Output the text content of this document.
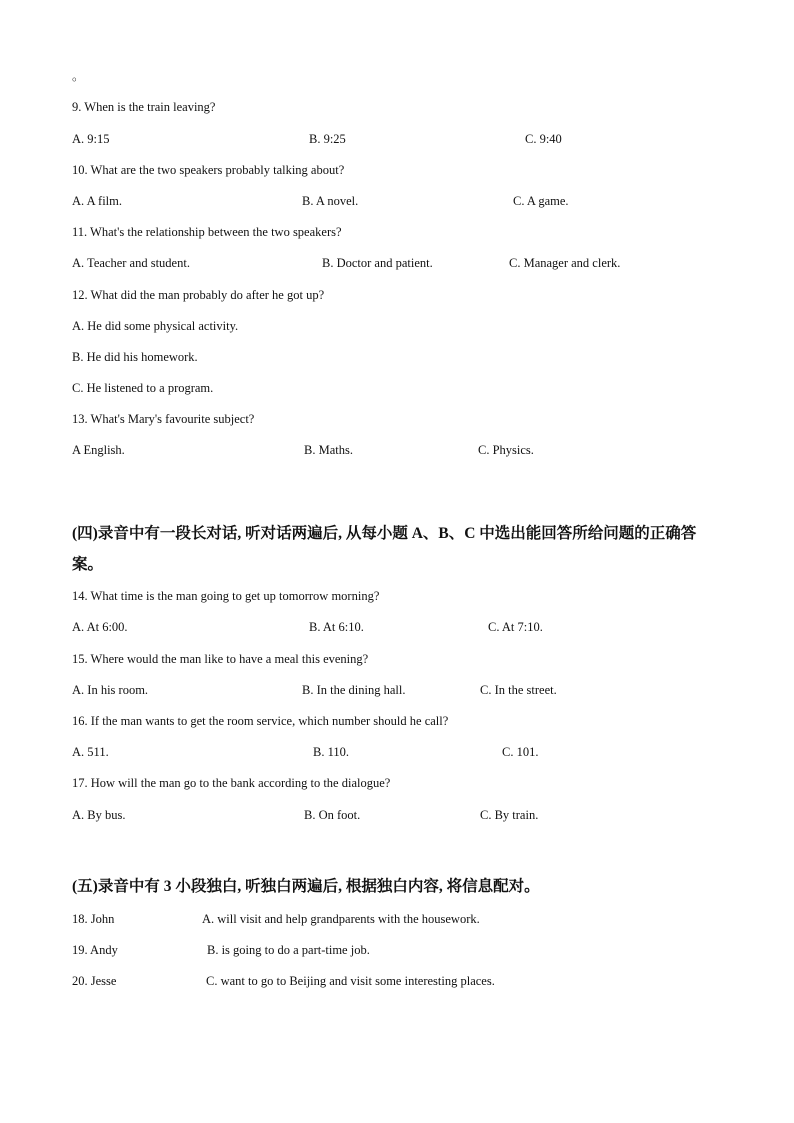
。
9. When is the train leaving?
A. 9:15	B. 9:25	C. 9:40
10. What are the two speakers probably talking about?
A. A film.	B. A novel.	C. A game.
11. What's the relationship between the two speakers?
A. Teacher and student.	B. Doctor and patient.	C. Manager and clerk.
12. What did the man probably do after he got up?
A. He did some physical activity.
B. He did his homework.
C. He listened to a program.
13. What's Mary's favourite subject?
A English.	B. Maths.	C. Physics.
(四)录音中有一段长对话, 听对话两遍后, 从每小题 A、B、C 中选出能回答所给问题的正确答
案。
14. What time is the man going to get up tomorrow morning?
A. At 6:00.	B. At 6:10.	C. At 7:10.
15. Where would the man like to have a meal this evening?
A. In his room.	B. In the dining hall.	C. In the street.
16. If the man wants to get the room service, which number should he call?
A. 511.	B. 110.	C. 101.
17. How will the man go to the bank according to the dialogue?
A. By bus.	B. On foot.	C. By train.
(五)录音中有 3 小段独白, 听独白两遍后, 根据独白内容, 将信息配对。
18. John	A. will visit and help grandparents with the housework.
19. Andy	B. is going to do a part-time job.
20. Jesse	C. want to go to Beijing and visit some interesting places.
